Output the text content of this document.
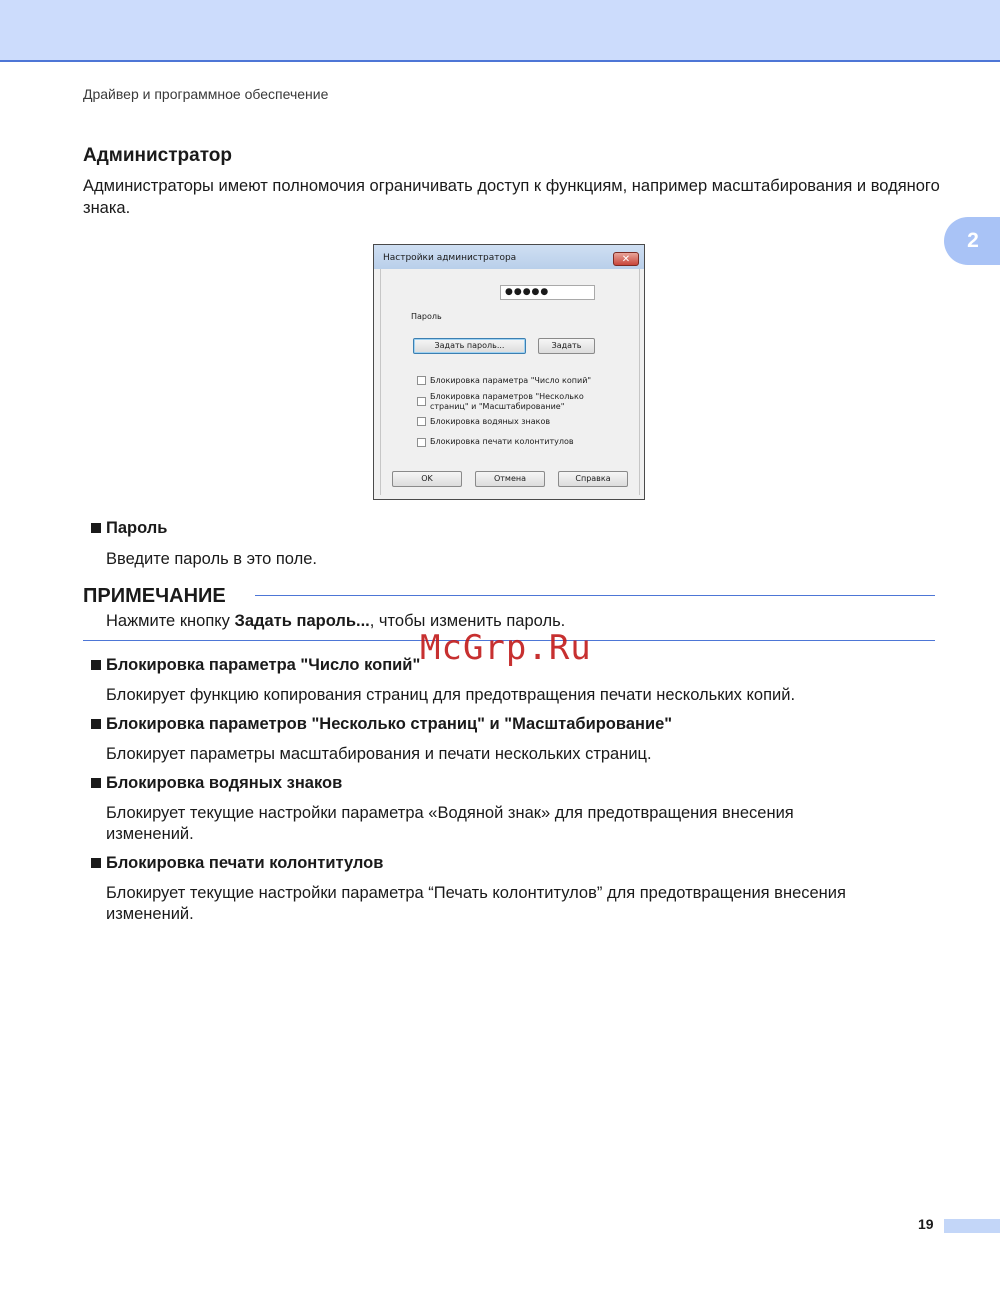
Драйвер и программное обеспечение
2
Администратор
Администраторы имеют полномочия ограничивать доступ к функциям, например масштабирования и водяного знака.
Настройки администратора	✕
Пароль
●●●●●
Задать пароль...	Задать
Блокировка параметра "Число копий"
Блокировка параметров "Несколько
страниц" и "Масштабирование"
Блокировка водяных знаков
Блокировка печати колонтитулов
OK	Отмена	Справка
Пароль
Введите пароль в это поле.
ПРИМЕЧАНИЕ
Нажмите кнопку Задать пароль..., чтобы изменить пароль.
Блокировка параметра "Число копий"
Блокирует функцию копирования страниц для предотвращения печати нескольких копий.
Блокировка параметров "Несколько страниц" и "Масштабирование"
Блокирует параметры масштабирования и печати нескольких страниц.
Блокировка водяных знаков
Блокирует текущие настройки параметра «Водяной знак» для предотвращения внесения изменений.
Блокировка печати колонтитулов
Блокирует текущие настройки параметра “Печать колонтитулов” для предотвращения внесения изменений.
McGrp.Ru
19
